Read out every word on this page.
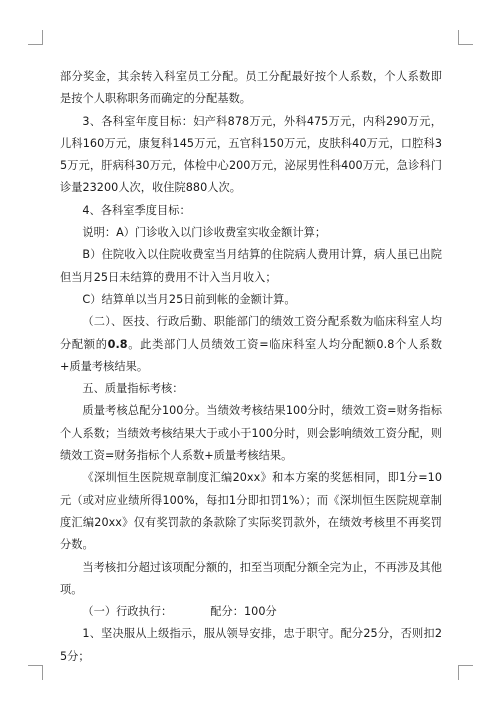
部分奖金，其余转入科室员工分配。员工分配最好按个人系数，个人系数即是按个人职称职务而确定的分配基数。

3、各科室年度目标：妇产科878万元，外科475万元，内科290万元，儿科160万元，康复科145万元，五官科150万元，皮肤科40万元，口腔科35万元，肝病科30万元，体检中心200万元，泌尿男性科400万元，急诊科门诊量23200人次，收住院880人次。

4、各科室季度目标：

说明：A）门诊收入以门诊收费室实收金额计算；

B）住院收入以住院收费室当月结算的住院病人费用计算，病人虽已出院但当月25日未结算的费用不计入当月收入；

C）结算单以当月25日前到帐的金额计算。

（二）、医技、行政后勤、职能部门的绩效工资分配系数为临床科室人均分配额的0.8。此类部门人员绩效工资=临床科室人均分配额0.8个人系数+质量考核结果。

五、质量指标考核：

质量考核总配分100分。当绩效考核结果100分时，绩效工资=财务指标个人系数；当绩效考核结果大于或小于100分时，则会影响绩效工资分配，则绩效工资=财务指标个人系数+质量考核结果。

《深圳恒生医院规章制度汇编20xx》和本方案的奖惩相同，即1分=10元（或对应业绩所得100%，每扣1分即扣罚1%）；而《深圳恒生医院规章制度汇编20xx》仅有奖罚款的条款除了实际奖罚款外，在绩效考核里不再奖罚分数。

当考核扣分超过该项配分额的，扣至当项配分额全完为止，不再涉及其他项。

（一）行政执行：	配分：100分

1、坚决服从上级指示，服从领导安排，忠于职守。配分25分，否则扣25分；
